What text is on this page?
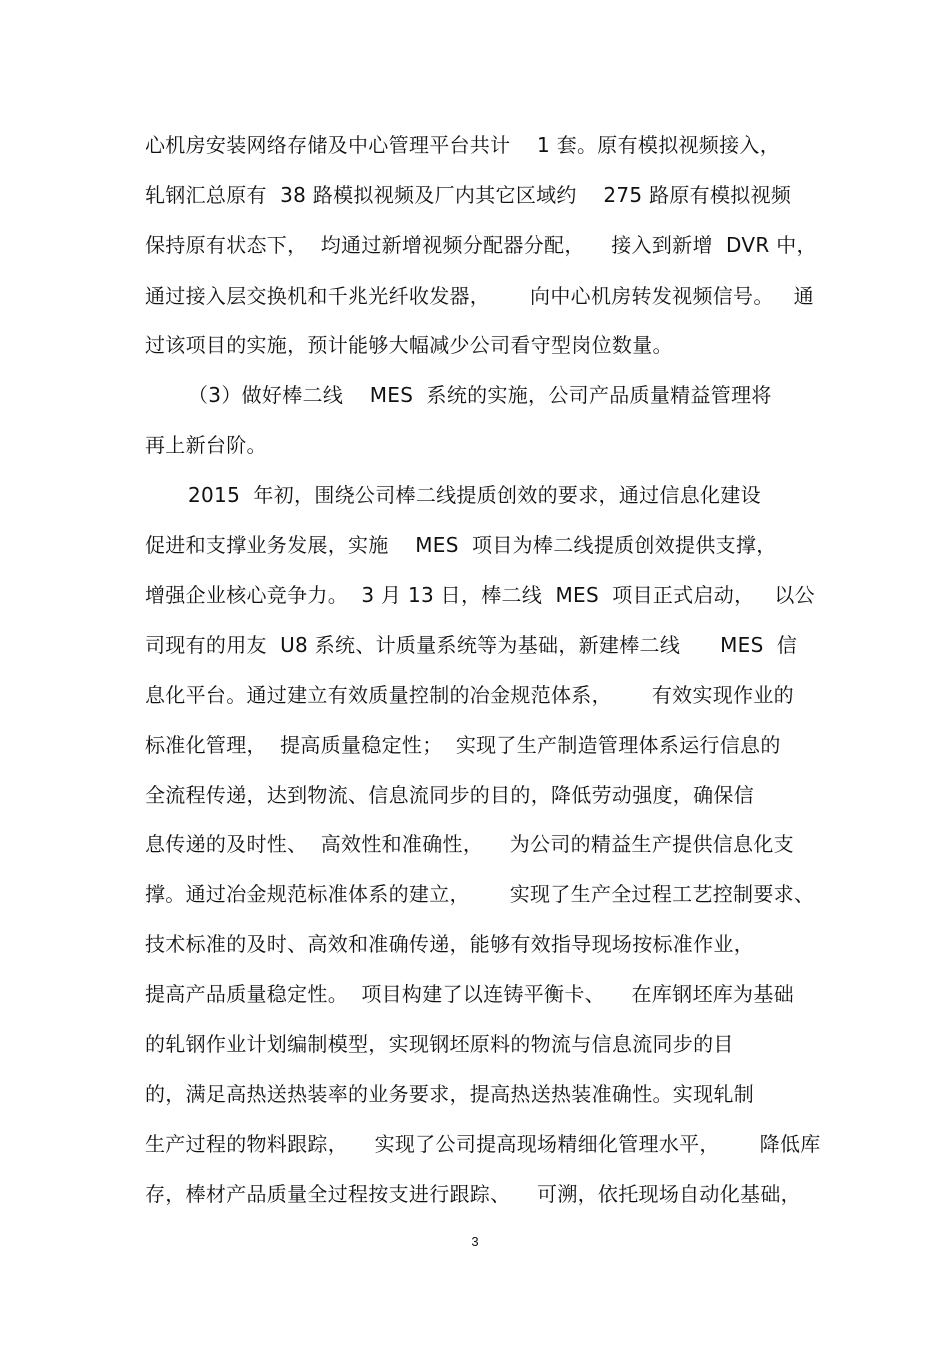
心机房安装网络存储及中心管理平台共计    1 套。原有模拟视频接入，
轧钢汇总原有  38 路模拟视频及厂内其它区域约    275 路原有模拟视频
保持原有状态下，  均通过新增视频分配器分配，    接入到新增  DVR 中，
通过接入层交换机和千兆光纤收发器，      向中心机房转发视频信号。   通
过该项目的实施，预计能够大幅减少公司看守型岗位数量。
（3）做好棒二线    MES  系统的实施，公司产品质量精益管理将
再上新台阶。
2015  年初，围绕公司棒二线提质创效的要求，通过信息化建设
促进和支撑业务发展，实施    MES  项目为棒二线提质创效提供支撑，
增强企业核心竞争力。  3 月 13 日，棒二线  MES  项目正式启动，   以公
司现有的用友  U8 系统、计质量系统等为基础，新建棒二线      MES  信
息化平台。通过建立有效质量控制的冶金规范体系，      有效实现作业的
标准化管理，  提高质量稳定性；  实现了生产制造管理体系运行信息的
全流程传递，达到物流、信息流同步的目的，降低劳动强度，确保信
息传递的及时性、  高效性和准确性，    为公司的精益生产提供信息化支
撑。通过冶金规范标准体系的建立，      实现了生产全过程工艺控制要求、
技术标准的及时、高效和准确传递，能够有效指导现场按标准作业，
提高产品质量稳定性。  项目构建了以连铸平衡卡、    在库钢坯库为基础
的轧钢作业计划编制模型，实现钢坯原料的物流与信息流同步的目
的，满足高热送热装率的业务要求，提高热送热装准确性。实现轧制
生产过程的物料跟踪，    实现了公司提高现场精细化管理水平，      降低库
存，棒材产品质量全过程按支进行跟踪、    可溯，依托现场自动化基础，
3
